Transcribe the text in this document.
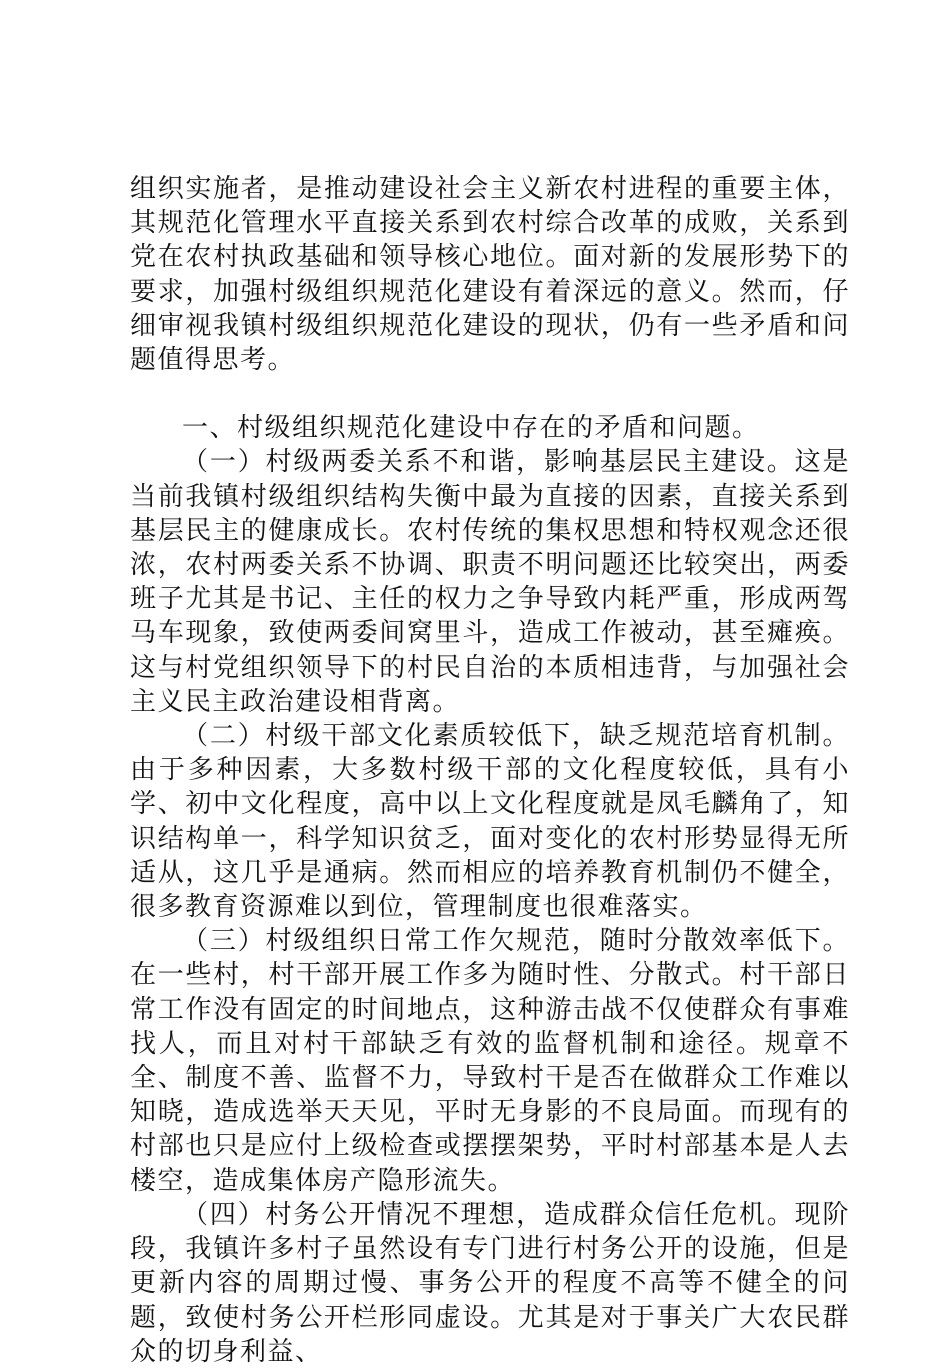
组织实施者，是推动建设社会主义新农村进程的重要主体，其规范化管理水平直接关系到农村综合改革的成败，关系到党在农村执政基础和领导核心地位。面对新的发展形势下的要求，加强村级组织规范化建设有着深远的意义。然而，仔细审视我镇村级组织规范化建设的现状，仍有一些矛盾和问题值得思考。

一、村级组织规范化建设中存在的矛盾和问题。

（一）村级两委关系不和谐，影响基层民主建设。这是当前我镇村级组织结构失衡中最为直接的因素，直接关系到基层民主的健康成长。农村传统的集权思想和特权观念还很浓，农村两委关系不协调、职责不明问题还比较突出，两委班子尤其是书记、主任的权力之争导致内耗严重，形成两驾马车现象，致使两委间窝里斗，造成工作被动，甚至瘫痪。这与村党组织领导下的村民自治的本质相违背，与加强社会主义民主政治建设相背离。

（二）村级干部文化素质较低下，缺乏规范培育机制。由于多种因素，大多数村级干部的文化程度较低，具有小学、初中文化程度，高中以上文化程度就是凤毛麟角了，知识结构单一，科学知识贫乏，面对变化的农村形势显得无所适从，这几乎是通病。然而相应的培养教育机制仍不健全，很多教育资源难以到位，管理制度也很难落实。

（三）村级组织日常工作欠规范，随时分散效率低下。在一些村，村干部开展工作多为随时性、分散式。村干部日常工作没有固定的时间地点，这种游击战不仅使群众有事难找人，而且对村干部缺乏有效的监督机制和途径。规章不全、制度不善、监督不力，导致村干是否在做群众工作难以知晓，造成选举天天见，平时无身影的不良局面。而现有的村部也只是应付上级检查或摆摆架势，平时村部基本是人去楼空，造成集体房产隐形流失。

（四）村务公开情况不理想，造成群众信任危机。现阶段，我镇许多村子虽然设有专门进行村务公开的设施，但是更新内容的周期过慢、事务公开的程度不高等不健全的问题，致使村务公开栏形同虚设。尤其是对于事关广大农民群众的切身利益、
